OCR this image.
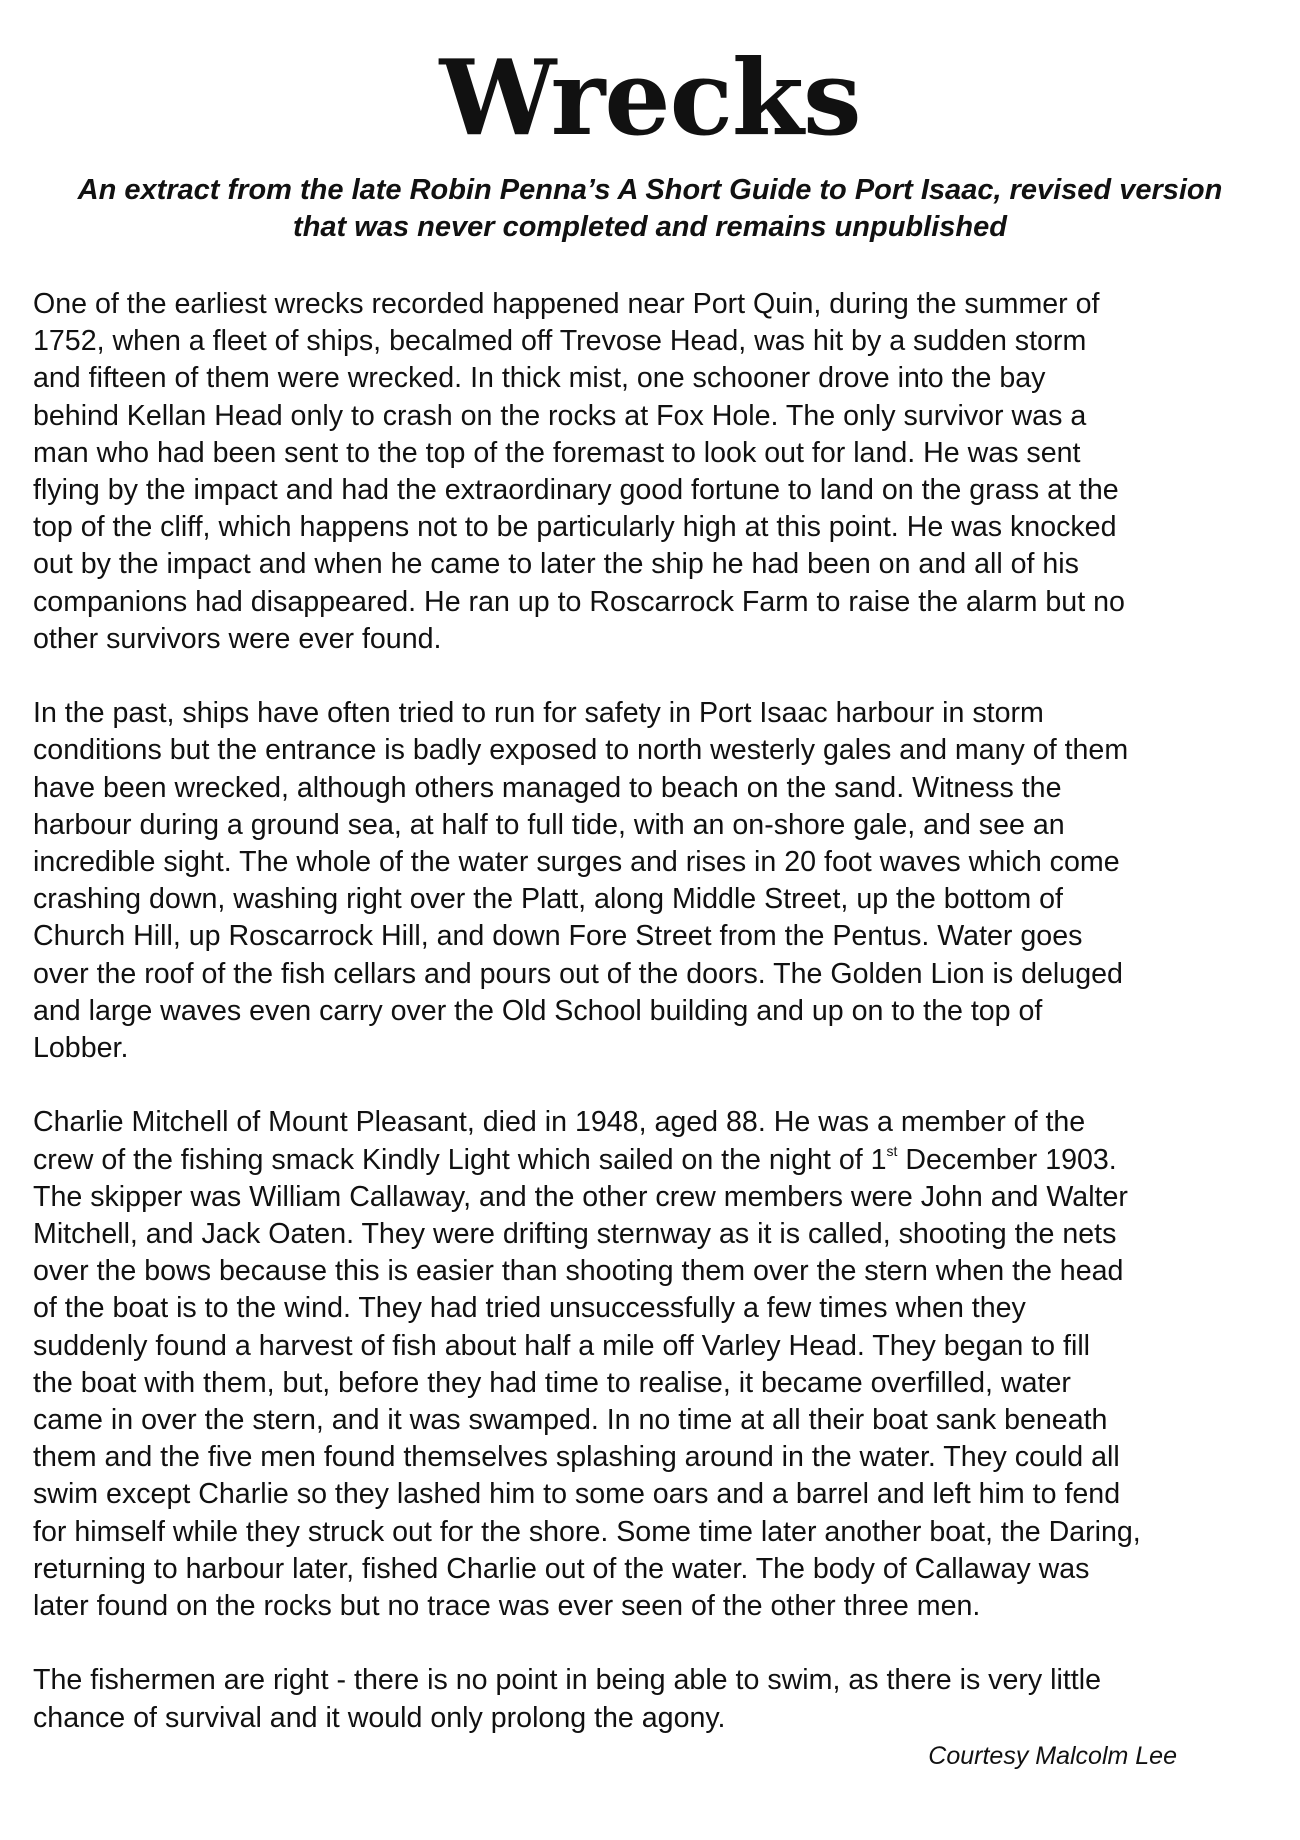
Wrecks
An extract from the late Robin Penna’s A Short Guide to Port Isaac, revised version
that was never completed and remains unpublished

One of the earliest wrecks recorded happened near Port Quin, during the summer of
1752, when a fleet of ships, becalmed off Trevose Head, was hit by a sudden storm
and fifteen of them were wrecked. In thick mist, one schooner drove into the bay
behind Kellan Head only to crash on the rocks at Fox Hole. The only survivor was a
man who had been sent to the top of the foremast to look out for land. He was sent
flying by the impact and had the extraordinary good fortune to land on the grass at the
top of the cliff, which happens not to be particularly high at this point. He was knocked
out by the impact and when he came to later the ship he had been on and all of his
companions had disappeared. He ran up to Roscarrock Farm to raise the alarm but no
other survivors were ever found.

In the past, ships have often tried to run for safety in Port Isaac harbour in storm
conditions but the entrance is badly exposed to north westerly gales and many of them
have been wrecked, although others managed to beach on the sand. Witness the
harbour during a ground sea, at half to full tide, with an on-shore gale, and see an
incredible sight. The whole of the water surges and rises in 20 foot waves which come
crashing down, washing right over the Platt, along Middle Street, up the bottom of
Church Hill, up Roscarrock Hill, and down Fore Street from the Pentus. Water goes
over the roof of the fish cellars and pours out of the doors. The Golden Lion is deluged
and large waves even carry over the Old School building and up on to the top of
Lobber.

Charlie Mitchell of Mount Pleasant, died in 1948, aged 88. He was a member of the
crew of the fishing smack Kindly Light which sailed on the night of 1st December 1903.
The skipper was William Callaway, and the other crew members were John and Walter
Mitchell, and Jack Oaten. They were drifting sternway as it is called, shooting the nets
over the bows because this is easier than shooting them over the stern when the head
of the boat is to the wind. They had tried unsuccessfully a few times when they
suddenly found a harvest of fish about half a mile off Varley Head. They began to fill
the boat with them, but, before they had time to realise, it became overfilled, water
came in over the stern, and it was swamped. In no time at all their boat sank beneath
them and the five men found themselves splashing around in the water. They could all
swim except Charlie so they lashed him to some oars and a barrel and left him to fend
for himself while they struck out for the shore. Some time later another boat, the Daring,
returning to harbour later, fished Charlie out of the water. The body of Callaway was
later found on the rocks but no trace was ever seen of the other three men.

The fishermen are right - there is no point in being able to swim, as there is very little
chance of survival and it would only prolong the agony.

Courtesy Malcolm Lee
